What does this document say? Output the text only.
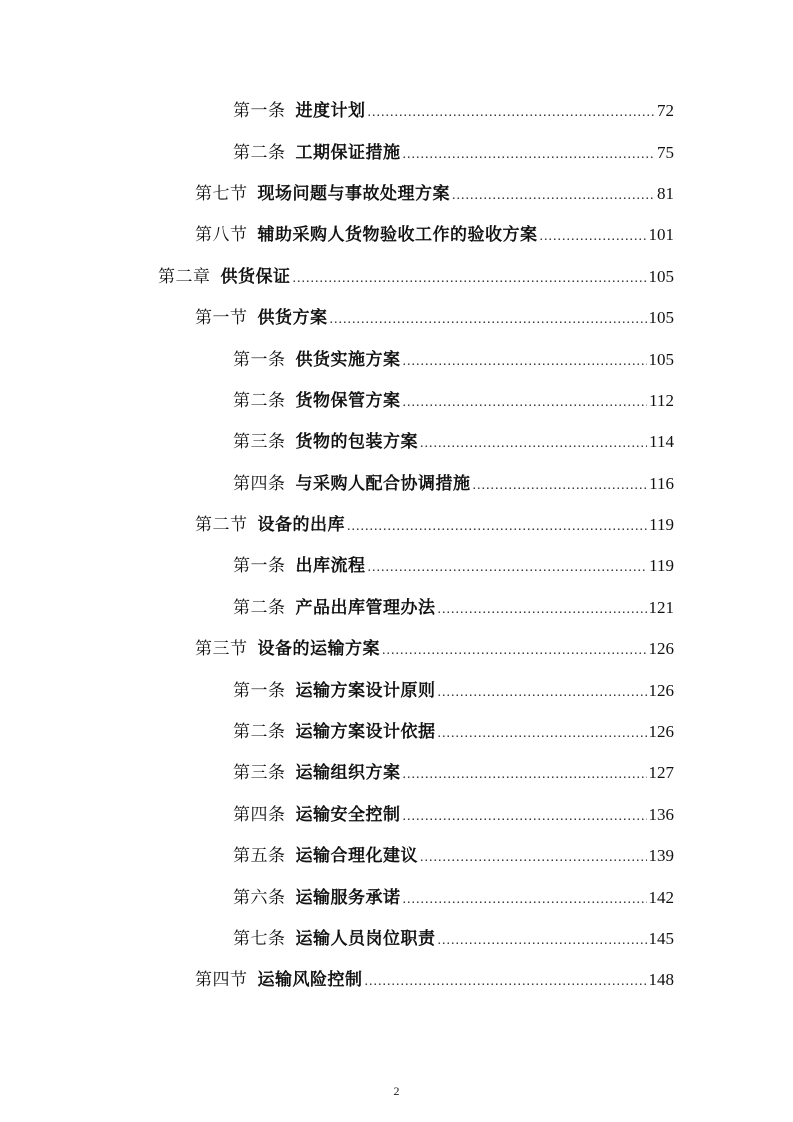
第一条 进度计划 .....	72
第二条 工期保证措施 .....	75
第七节 现场问题与事故处理方案 .....	81
第八节 辅助采购人货物验收工作的验收方案 .....	101
第二章 供货保证 .....	105
第一节 供货方案 .....	105
第一条 供货实施方案 .....	105
第二条 货物保管方案 .....	112
第三条 货物的包装方案 .....	114
第四条 与采购人配合协调措施 .....	116
第二节 设备的出库 .....	119
第一条 出库流程 .....	119
第二条 产品出库管理办法 .....	121
第三节 设备的运输方案 .....	126
第一条 运输方案设计原则 .....	126
第二条 运输方案设计依据 .....	126
第三条 运输组织方案 .....	127
第四条 运输安全控制 .....	136
第五条 运输合理化建议 .....	139
第六条 运输服务承诺 .....	142
第七条 运输人员岗位职责 .....	145
第四节 运输风险控制 .....	148
2
